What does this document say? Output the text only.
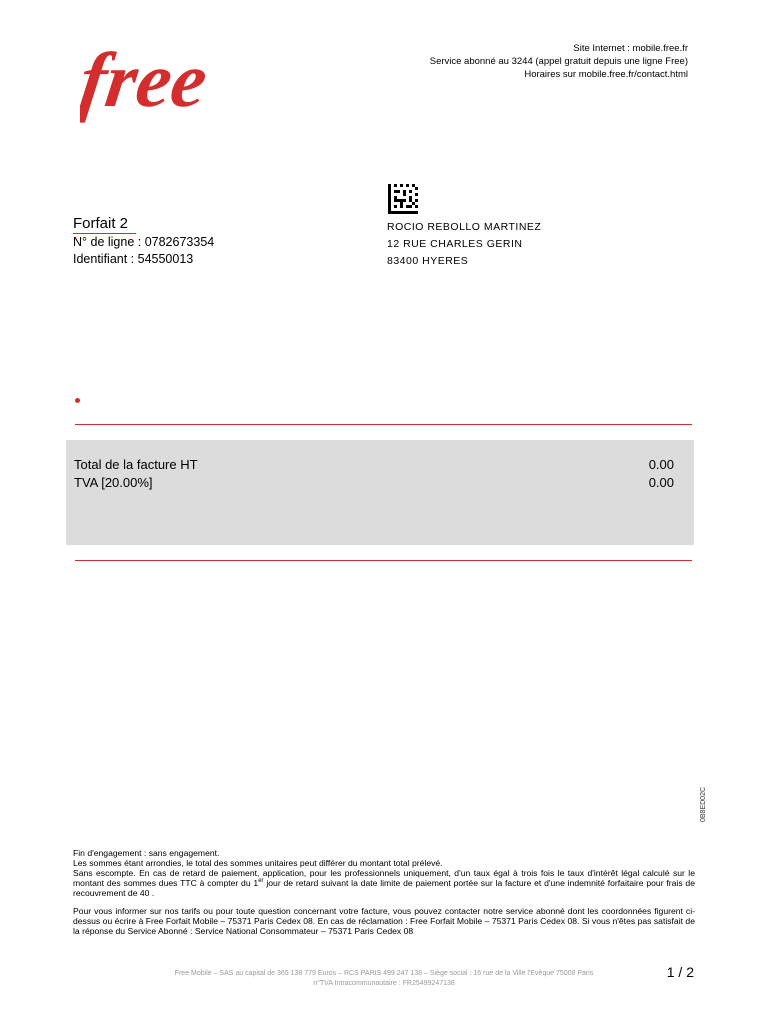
free	Site Internet : mobile.free.fr
Service abonné au 3244 (appel gratuit depuis une ligne Free)
Horaires sur mobile.free.fr/contact.html
Forfait 2
N° de ligne : 0782673354
Identifiant : 54550013
ROCIO REBOLLO MARTINEZ
12 RUE CHARLES GERIN
83400 HYERES
Total de la facture HT	0.00
TVA [20.00%]	0.00
0B8ED02C

Fin d'engagement : sans engagement.

Les sommes étant arrondies, le total des sommes unitaires peut différer du montant total prélevé.

Sans escompte. En cas de retard de paiement, application, pour les professionnels uniquement, d'un taux égal à trois fois le taux d'intérêt légal calculé sur le montant des sommes dues TTC à compter du 1er jour de retard suivant la date limite de paiement portée sur la facture et d'une indemnité forfaitaire pour frais de recouvrement de 40 .

Pour vous informer sur nos tarifs ou pour toute question concernant votre facture, vous pouvez contacter notre service abonné dont les coordonnées figurent ci-dessus ou écrire à Free Forfait Mobile – 75371 Paris Cedex 08. En cas de réclamation : Free Forfait Mobile – 75371 Paris Cedex 08. Si vous n'êtes pas satisfait de la réponse du Service Abonné : Service National Consommateur – 75371 Paris Cedex 08

Free Mobile – SAS au capital de 365 138 779 Euros – RCS PARIS 499 247 138 – Siège social : 16 rue de la Ville l'Evêque 75008 Paris
n°TVA Intracommunautaire : FR25499247138
1 / 2
